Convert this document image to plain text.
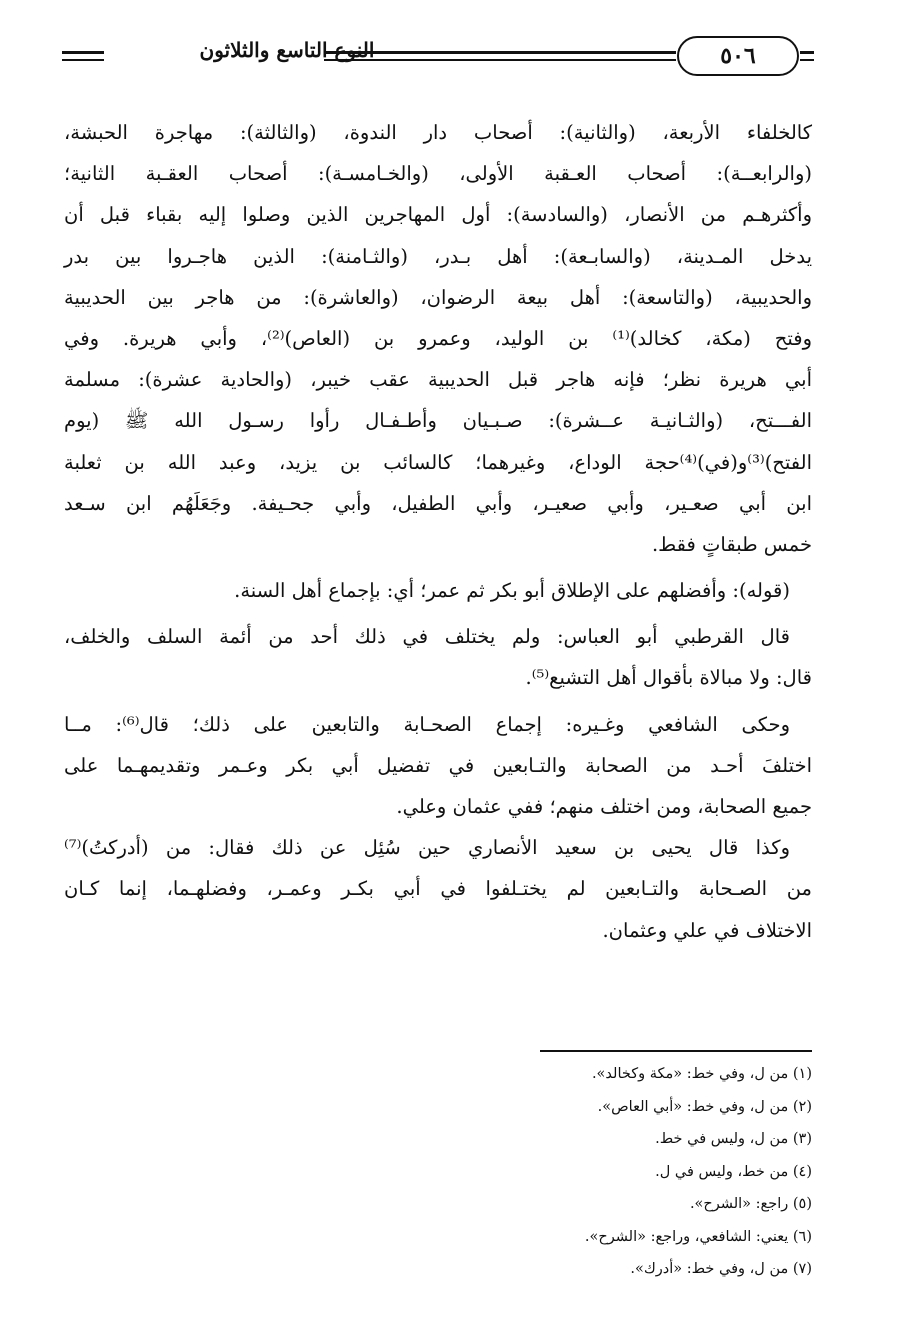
٥٠٦
النوع التاسع والثلاثون
كالخلفاء الأربعة، (والثانية): أصحاب دار الندوة، (والثالثة): مهاجرة الحبشة،
(والرابعــة): أصحاب العـقبة الأولى، (والخـامسـة): أصحاب العقـبة الثانية؛
وأكثرهـم من الأنصار، (والسادسة): أول المهاجرين الذين وصلوا إليه بقباء قبل أن
يدخل المـدينة، (والسابـعة): أهل بـدر، (والثـامنة): الذين هاجـروا بين بدر
والحديبية، (والتاسعة): أهل بيعة الرضوان، (والعاشرة): من هاجر بين الحديبية
وفتح (مكة، كخالد)⁽¹⁾ بن الوليد، وعمرو بن (العاص)⁽²⁾، وأبي هريرة. وفي
أبي هريرة نظر؛ فإنه هاجر قبل الحديبية عقب خيبر، (والحادية عشرة): مسلمة
الفـــتح، (والثـانيـة عــشرة): صـبـيان وأطـفـال رأوا رسـول الله ﷺ (يوم
الفتح)⁽³⁾و(في)⁽⁴⁾حجة الوداع، وغيرهما؛ كالسائب بن يزيد، وعبد الله بن ثعلبة
ابن أبي صعـير، وأبي صعيـر، وأبي الطفيل، وأبي جحـيفة. وجَعَلَهُم ابن سـعد
خمس طبقاتٍ فقط.
(قوله): وأفضلهم على الإطلاق أبو بكر ثم عمر؛ أي: بإجماع أهل السنة.
قال القرطبي أبو العباس: ولم يختلف في ذلك أحد من أئمة السلف والخلف،
قال: ولا مبالاة بأقوال أهل التشيع⁽⁵⁾.
وحكى الشافعي وغـيره: إجماع الصحـابة والتابعين على ذلك؛ قال⁽⁶⁾: مــا
اختلفَ أحـد من الصحابة والتـابعين في تفضيل أبي بكر وعـمر وتقديمهـما على
جميع الصحابة، ومن اختلف منهم؛ ففي عثمان وعلي.
وكذا قال يحيى بن سعيد الأنصاري حين سُئِل عن ذلك فقال: من (أدركتُ)⁽⁷⁾
من الصـحابة والتـابعين لم يختـلفوا في أبي بكـر وعمـر، وفضلهـما، إنما كـان
الاختلاف في علي وعثمان.
(١) من ل، وفي خط: «مكة وكخالد».
(٢) من ل، وفي خط: «أبي العاص».
(٣) من ل، وليس في خط.
(٤) من خط، وليس في ل.
(٥) راجع: «الشرح».
(٦) يعني: الشافعي، وراجع: «الشرح».
(٧) من ل، وفي خط: «أدرك».
